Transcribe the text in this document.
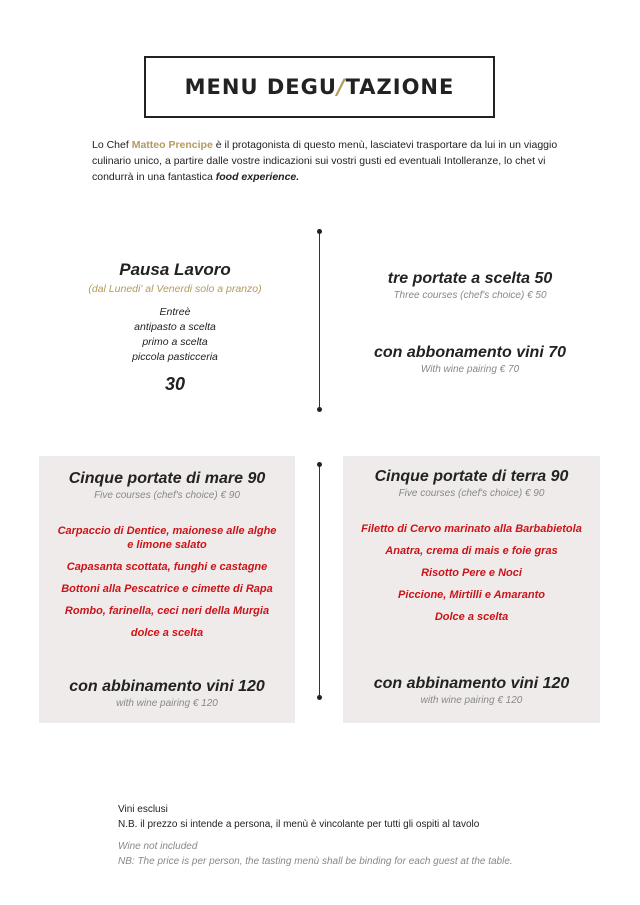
MENU DEGU/TAZIONE

Lo Chef Matteo Prencipe è il protagonista di questo menù, lasciatevi trasportare da lui in un viaggio culinario unico, a partire dalle vostre indicazioni sui vostri gusti ed eventuali Intolleranze, lo chet vi condurrà in una fantastica food experience.

Pausa Lavoro
(dal Lunedi' al Venerdi solo a pranzo)
Entreè
antipasto a scelta
primo a scelta
piccola pasticceria
30
tre portate a scelta 50
Three courses (chef's choice) € 50
con abbonamento vini 70
With wine pairing € 70
Cinque portate di mare 90
Five courses (chef's choice) € 90
Carpaccio di Dentice, maionese alle alghe
e limone salato
Capasanta scottata, funghi e castagne
Bottoni alla Pescatrice e cimette di Rapa
Rombo, farinella, ceci neri della Murgia
dolce a scelta
con abbinamento vini 120
with wine pairing € 120
Cinque portate di terra 90
Five courses (chef's choice) € 90
Filetto di Cervo marinato alla Barbabietola
Anatra, crema di mais e foie gras
Risotto Pere e Noci
Piccione, Mirtilli e Amaranto
Dolce a scelta
con abbinamento vini 120
with wine pairing € 120
Vini esclusi
N.B. il prezzo si intende a persona, il menù è vincolante per tutti gli ospiti al tavolo
Wine not included
NB: The price is per person, the tasting menù shall be binding for each guest at the table.
